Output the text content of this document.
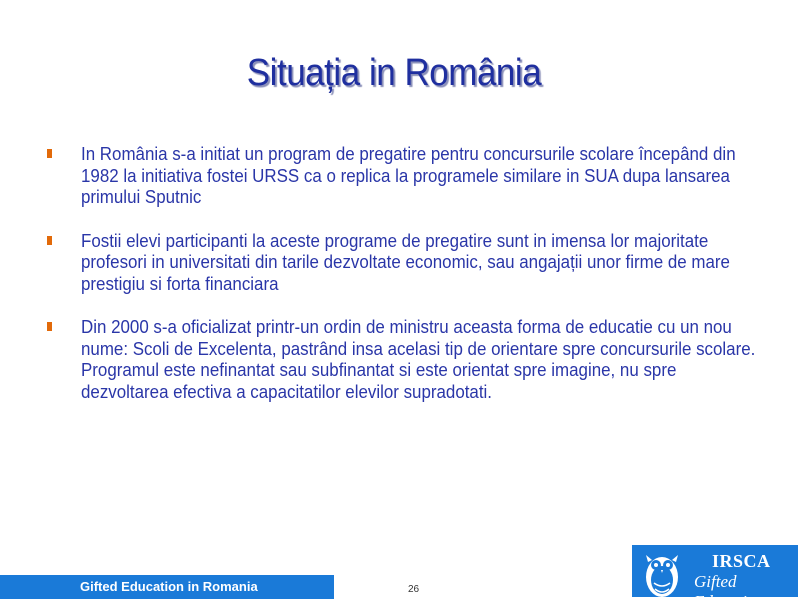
Situația in România
In România s-a initiat un program de pregatire pentru concursurile scolare începând din 1982 la initiativa fostei URSS ca o replica la programele similare in SUA dupa lansarea primului Sputnic
Fostii elevi participanti la aceste programe de pregatire sunt in imensa lor majoritate profesori in universitati din tarile dezvoltate economic, sau angajații unor firme de mare prestigiu si forta financiara
Din 2000 s-a oficializat printr-un ordin de ministru aceasta forma de educatie cu un nou nume: Scoli de Excelenta, pastrând insa acelasi tip de orientare spre concursurile scolare. Programul este nefinantat sau subfinantat si este orientat spre imagine, nu spre dezvoltarea efectiva a capacitatilor elevilor supradotati.
Gifted Education in Romania	26
IRSCA
Gifted Education
